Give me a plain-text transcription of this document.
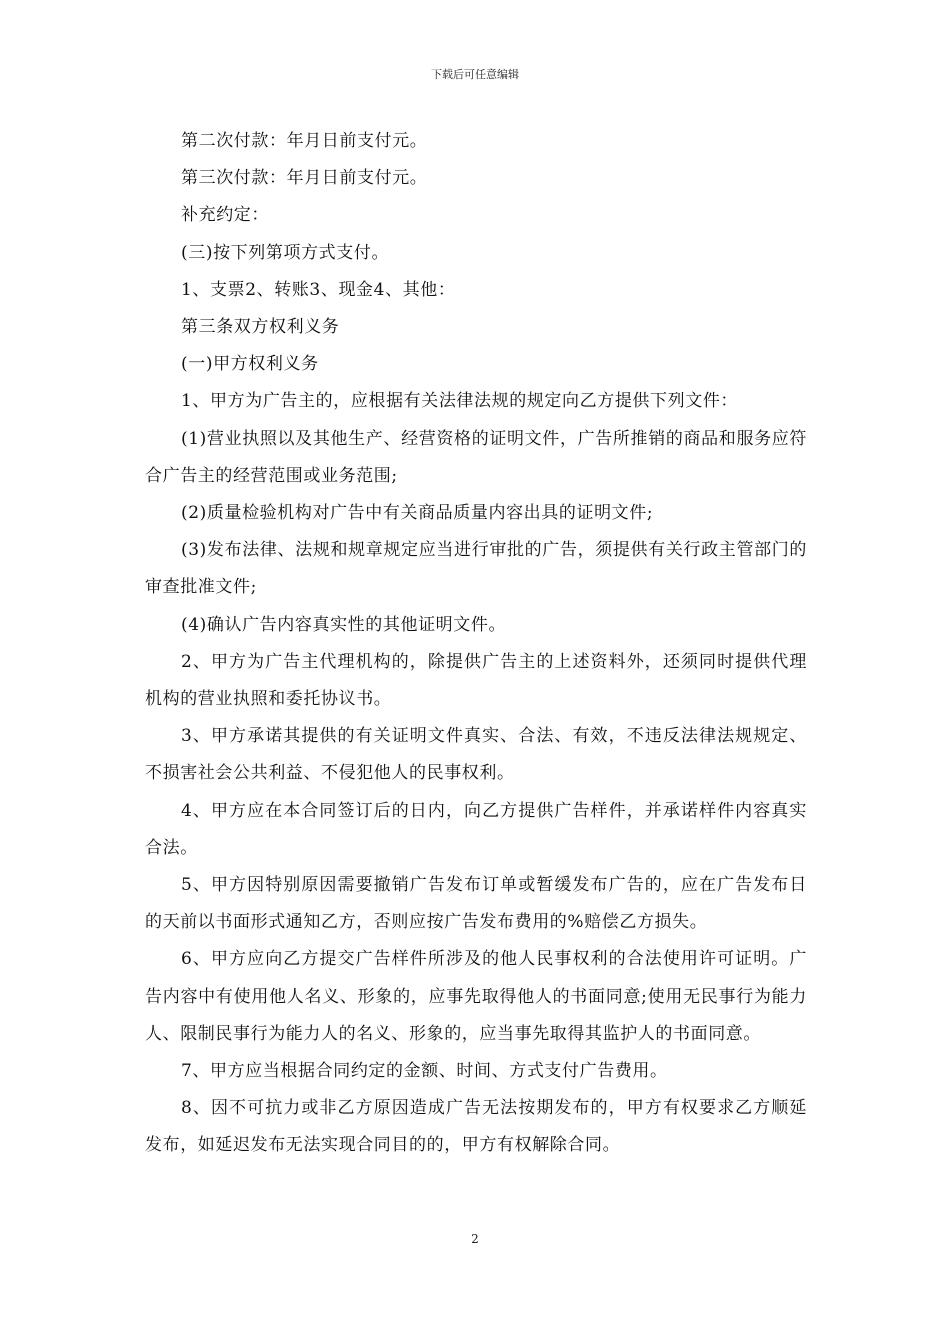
下载后可任意编辑

第二次付款：年月日前支付元。

第三次付款：年月日前支付元。

补充约定：

(三)按下列第项方式支付。

1、支票2、转账3、现金4、其他：

第三条双方权利义务

(一)甲方权利义务

1、甲方为广告主的，应根据有关法律法规的规定向乙方提供下列文件：

(1)营业执照以及其他生产、经营资格的证明文件，广告所推销的商品和服务应符合广告主的经营范围或业务范围;

(2)质量检验机构对广告中有关商品质量内容出具的证明文件;

(3)发布法律、法规和规章规定应当进行审批的广告，须提供有关行政主管部门的审查批准文件;

(4)确认广告内容真实性的其他证明文件。

2、甲方为广告主代理机构的，除提供广告主的上述资料外，还须同时提供代理机构的营业执照和委托协议书。

3、甲方承诺其提供的有关证明文件真实、合法、有效，不违反法律法规规定、不损害社会公共利益、不侵犯他人的民事权利。

4、甲方应在本合同签订后的日内，向乙方提供广告样件，并承诺样件内容真实合法。

5、甲方因特别原因需要撤销广告发布订单或暂缓发布广告的，应在广告发布日的天前以书面形式通知乙方，否则应按广告发布费用的%赔偿乙方损失。

6、甲方应向乙方提交广告样件所涉及的他人民事权利的合法使用许可证明。广告内容中有使用他人名义、形象的，应事先取得他人的书面同意;使用无民事行为能力人、限制民事行为能力人的名义、形象的，应当事先取得其监护人的书面同意。

7、甲方应当根据合同约定的金额、时间、方式支付广告费用。

8、因不可抗力或非乙方原因造成广告无法按期发布的，甲方有权要求乙方顺延发布，如延迟发布无法实现合同目的的，甲方有权解除合同。

2
